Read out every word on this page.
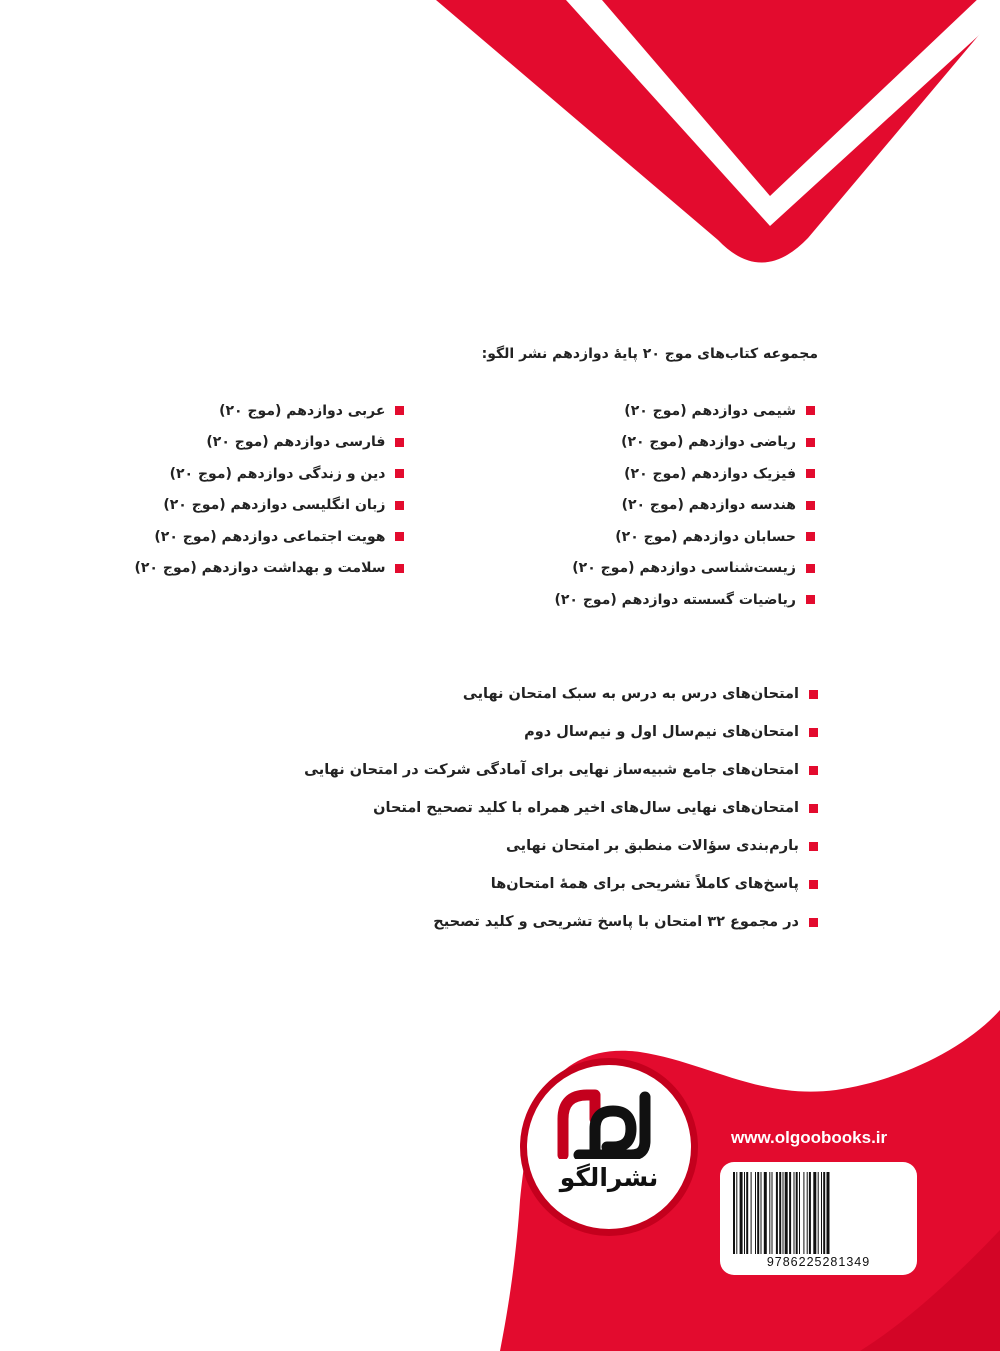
مجموعه کتاب‌های موج ۲۰ پایهٔ دوازدهم نشر الگو:
شیمی دوازدهم (موج ۲۰)
ریاضی دوازدهم (موج ۲۰)
فیزیک دوازدهم (موج ۲۰)
هندسه دوازدهم (موج ۲۰)
حسابان دوازدهم (موج ۲۰)
زیست‌شناسی دوازدهم (موج ۲۰)
ریاضیات گسسته دوازدهم (موج ۲۰)
عربی دوازدهم (موج ۲۰)
فارسی دوازدهم (موج ۲۰)
دین و زندگی دوازدهم (موج ۲۰)
زبان انگلیسی دوازدهم (موج ۲۰)
هویت اجتماعی دوازدهم (موج ۲۰)
سلامت و بهداشت دوازدهم (موج ۲۰)
امتحان‌های درس به درس به سبک امتحان نهایی
امتحان‌های نیم‌سال اول و نیم‌سال دوم
امتحان‌های جامع شبیه‌ساز نهایی برای آمادگی شرکت در امتحان نهایی
امتحان‌های نهایی سال‌های اخیر همراه با کلید تصحیح امتحان
بارم‌بندی سؤالات منطبق بر امتحان نهایی
پاسخ‌های کاملاً تشریحی برای همهٔ امتحان‌ها
در مجموع ۳۲ امتحان با پاسخ تشریحی و کلید تصحیح
نشرالگو
www.olgoobooks.ir
9786225281349
